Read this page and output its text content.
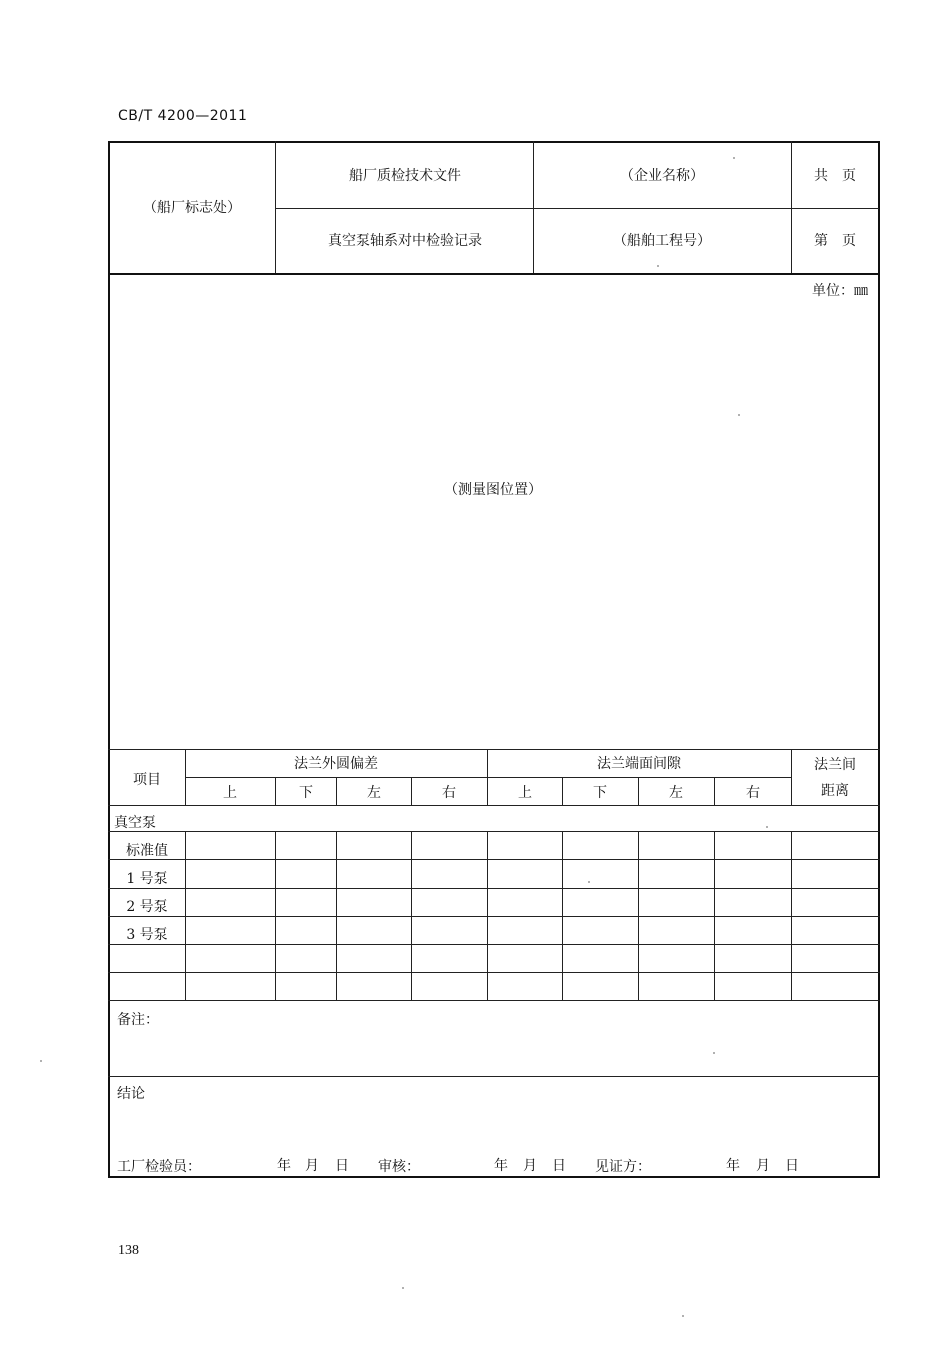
CB/T 4200—2011
（船厂标志处）
船厂质检技术文件	（企业名称）	共　页
真空泵轴系对中检验记录	（船舶工程号）	第　页
单位：㎜
（测量图位置）
项目
法兰外圆偏差	法兰端面间隙	法兰间
距离
上	下	左	右	上	下	左	右
真空泵
标准值
1 号泵
2 号泵
3 号泵
备注：
结论
工厂检验员：	年 月 日 审核：	年 月 日 见证方：	年 月 日
138
